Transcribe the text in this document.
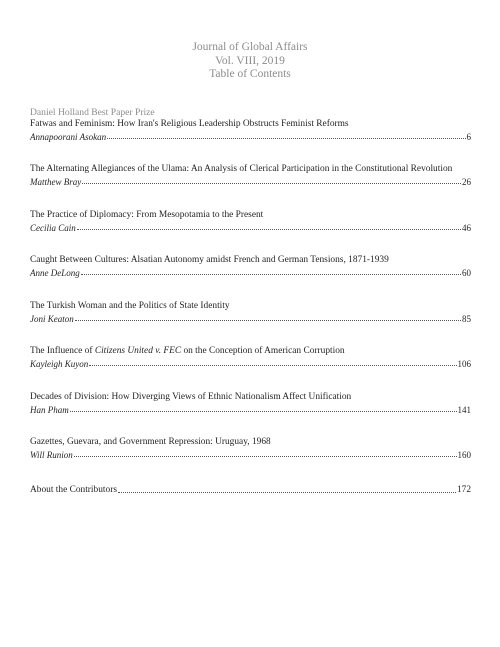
Journal of Global Affairs
Vol. VIII, 2019
Table of Contents
Daniel Holland Best Paper Prize
Fatwas and Feminism: How Iran's Religious Leadership Obstructs Feminist Reforms
Annapoorani Asokan	6
The Alternating Allegiances of the Ulama: An Analysis of Clerical Participation in the Constitutional Revolution
Matthew Bray	26
The Practice of Diplomacy: From Mesopotamia to the Present
Cecilia Cain	46
Caught Between Cultures: Alsatian Autonomy amidst French and German Tensions, 1871-1939
Anne DeLong	60
The Turkish Woman and the Politics of State Identity
Joni Keaton	85
The Influence of Citizens United v. FEC on the Conception of American Corruption
Kayleigh Kuyon	106
Decades of Division: How Diverging Views of Ethnic Nationalism Affect Unification
Han Pham	141
Gazettes, Guevara, and Government Repression: Uruguay, 1968
Will Runion	160
About the Contributors	172
